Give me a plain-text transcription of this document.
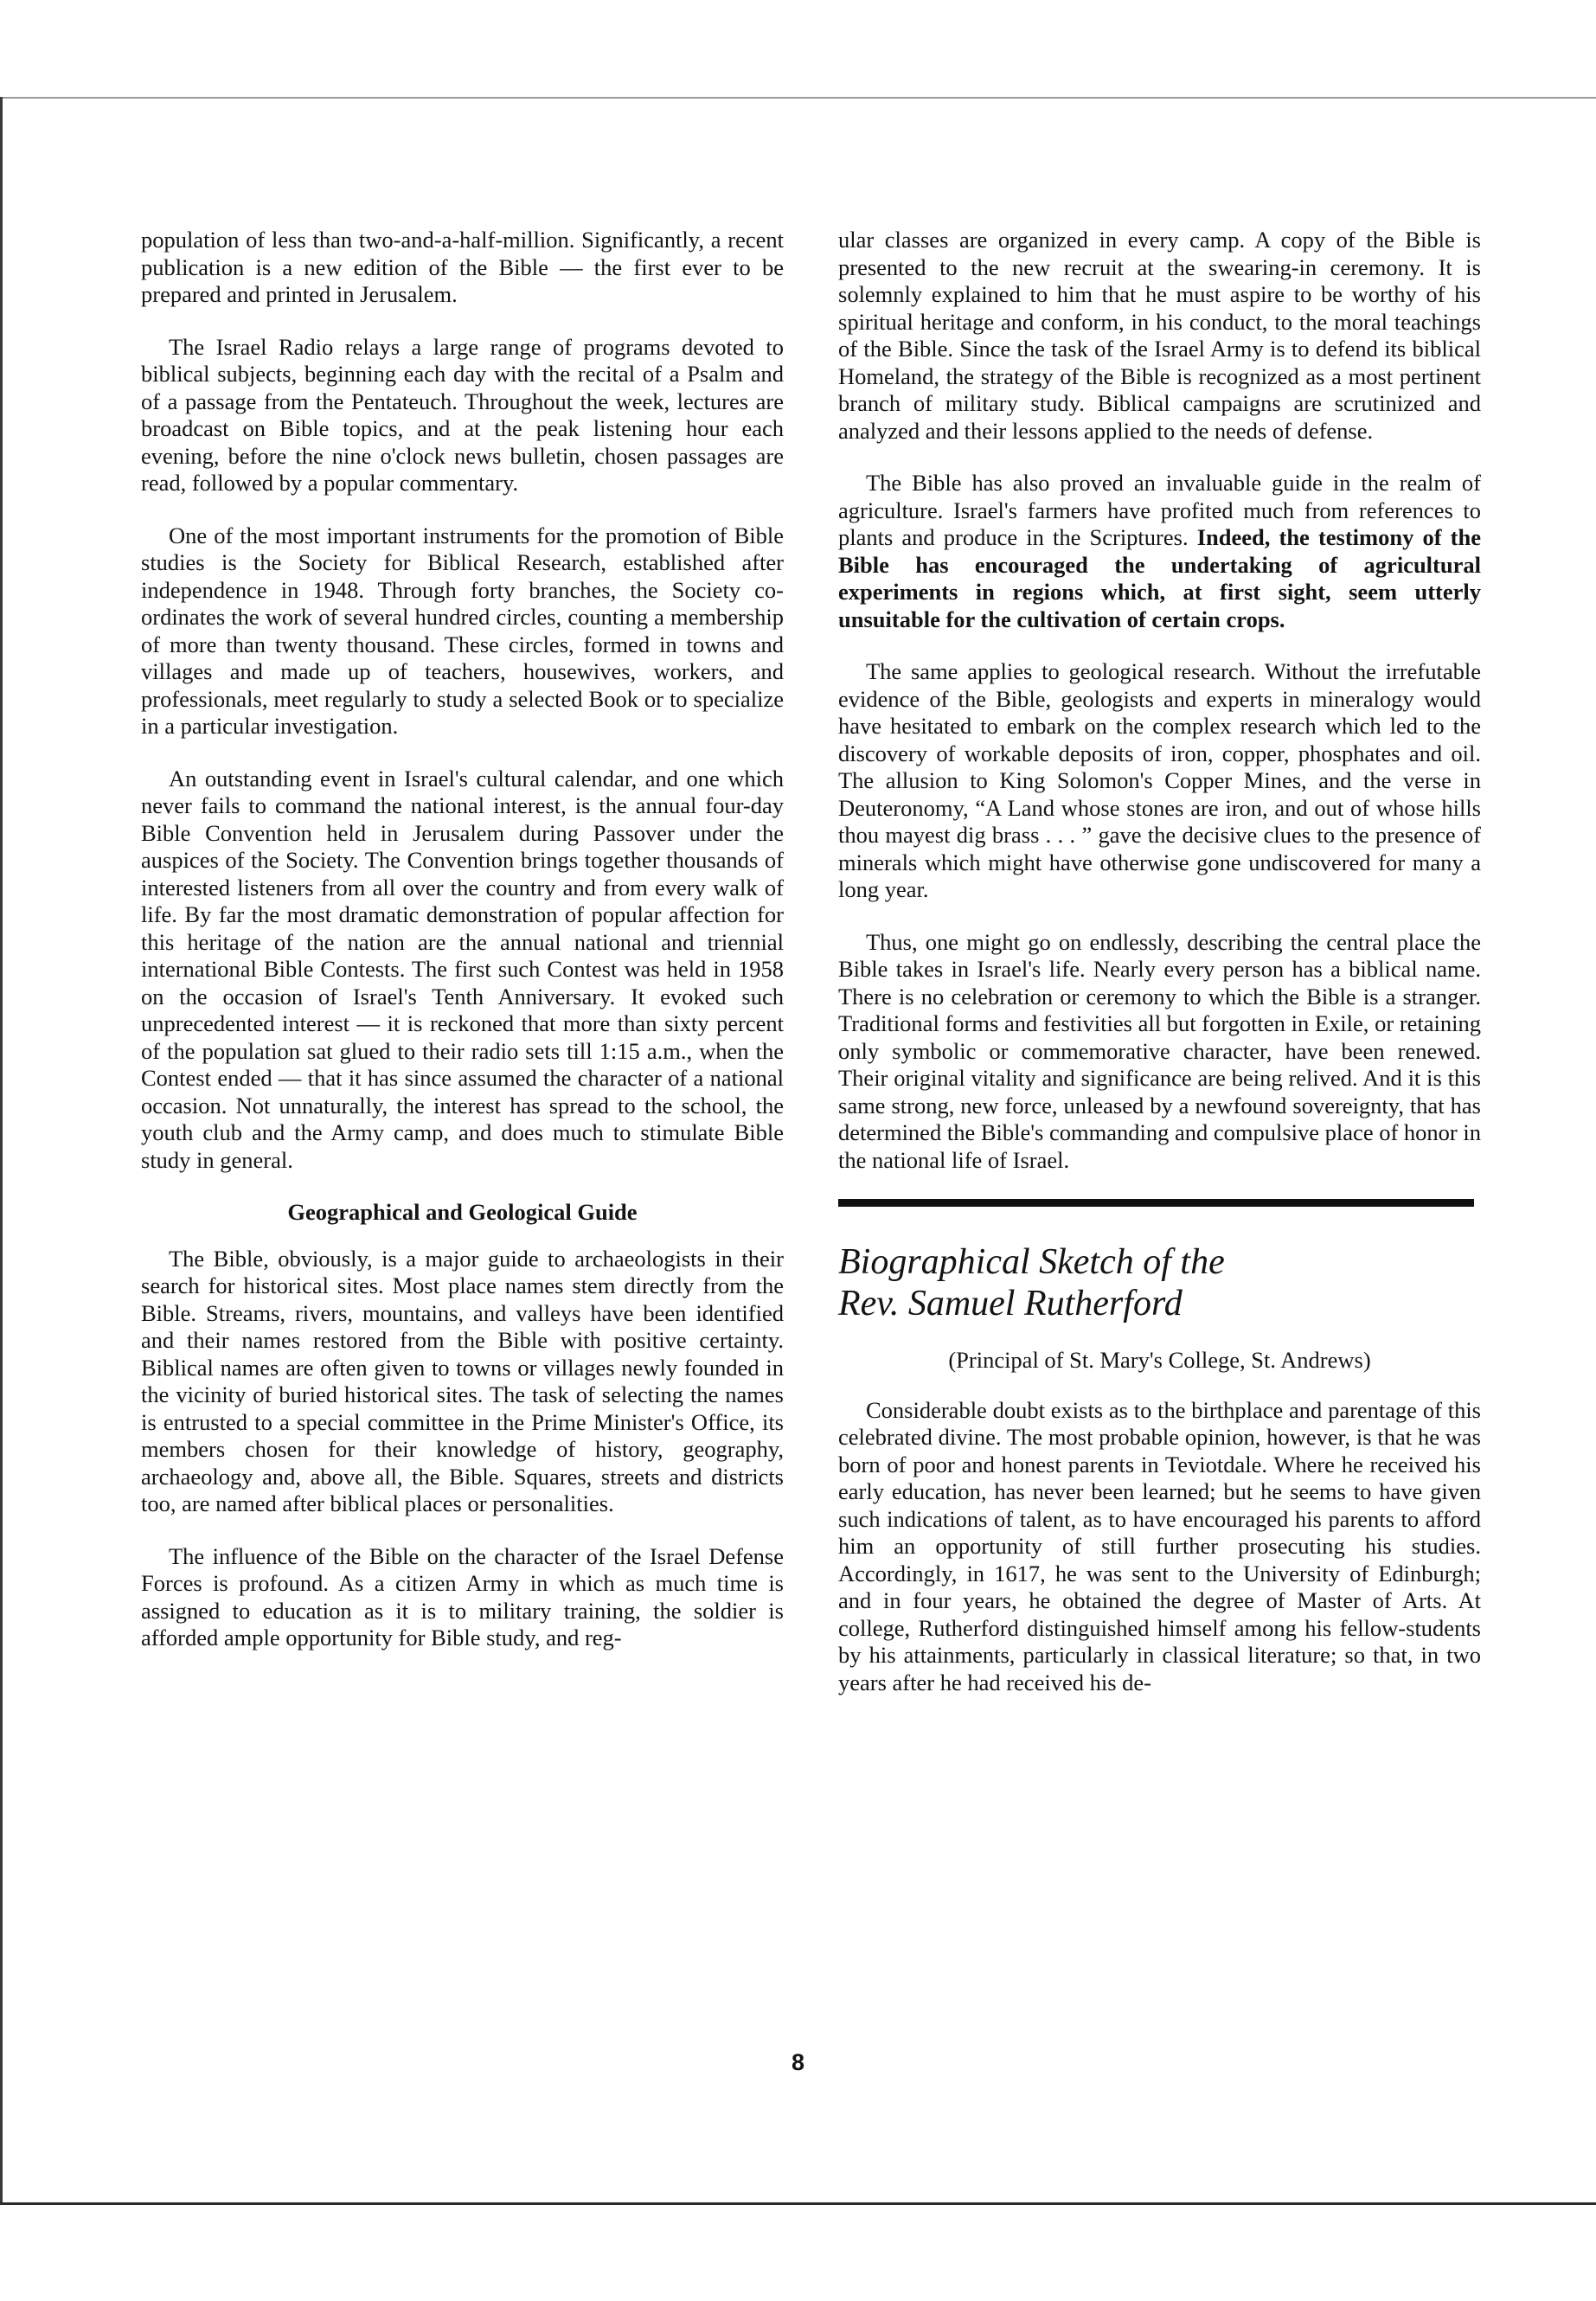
population of less than two-and-a-half-million. Significantly, a recent publication is a new edition of the Bible — the first ever to be prepared and printed in Jerusalem.

The Israel Radio relays a large range of programs devoted to biblical subjects, beginning each day with the recital of a Psalm and of a passage from the Pentateuch. Throughout the week, lectures are broadcast on Bible topics, and at the peak listening hour each evening, before the nine o'clock news bulletin, chosen passages are read, followed by a popular commentary.

One of the most important instruments for the promotion of Bible studies is the Society for Biblical Research, established after independence in 1948. Through forty branches, the Society co-ordinates the work of several hundred circles, counting a membership of more than twenty thousand. These circles, formed in towns and villages and made up of teachers, housewives, workers, and professionals, meet regularly to study a selected Book or to specialize in a particular investigation.

An outstanding event in Israel's cultural calendar, and one which never fails to command the national interest, is the annual four-day Bible Convention held in Jerusalem during Passover under the auspices of the Society. The Convention brings together thousands of interested listeners from all over the country and from every walk of life. By far the most dramatic demonstration of popular affection for this heritage of the nation are the annual national and triennial international Bible Contests. The first such Contest was held in 1958 on the occasion of Israel's Tenth Anniversary. It evoked such unprecedented interest — it is reckoned that more than sixty percent of the population sat glued to their radio sets till 1:15 a.m., when the Contest ended — that it has since assumed the character of a national occasion. Not unnaturally, the interest has spread to the school, the youth club and the Army camp, and does much to stimulate Bible study in general.

Geographical and Geological Guide

The Bible, obviously, is a major guide to archaeologists in their search for historical sites. Most place names stem directly from the Bible. Streams, rivers, mountains, and valleys have been identified and their names restored from the Bible with positive certainty. Biblical names are often given to towns or villages newly founded in the vicinity of buried historical sites. The task of selecting the names is entrusted to a special committee in the Prime Minister's Office, its members chosen for their knowledge of history, geography, archaeology and, above all, the Bible. Squares, streets and districts too, are named after biblical places or personalities.

The influence of the Bible on the character of the Israel Defense Forces is profound. As a citizen Army in which as much time is assigned to education as it is to military training, the soldier is afforded ample opportunity for Bible study, and reg-

ular classes are organized in every camp. A copy of the Bible is presented to the new recruit at the swearing-in ceremony. It is solemnly explained to him that he must aspire to be worthy of his spiritual heritage and conform, in his conduct, to the moral teachings of the Bible. Since the task of the Israel Army is to defend its biblical Homeland, the strategy of the Bible is recognized as a most pertinent branch of military study. Biblical campaigns are scrutinized and analyzed and their lessons applied to the needs of defense.

The Bible has also proved an invaluable guide in the realm of agriculture. Israel's farmers have profited much from references to plants and produce in the Scriptures. Indeed, the testimony of the Bible has encouraged the undertaking of agricultural experiments in regions which, at first sight, seem utterly unsuitable for the cultivation of certain crops.

The same applies to geological research. Without the irrefutable evidence of the Bible, geologists and experts in mineralogy would have hesitated to embark on the complex research which led to the discovery of workable deposits of iron, copper, phosphates and oil. The allusion to King Solomon's Copper Mines, and the verse in Deuteronomy, “A Land whose stones are iron, and out of whose hills thou mayest dig brass . . . ” gave the decisive clues to the presence of minerals which might have otherwise gone undiscovered for many a long year.

Thus, one might go on endlessly, describing the central place the Bible takes in Israel's life. Nearly every person has a biblical name. There is no celebration or ceremony to which the Bible is a stranger. Traditional forms and festivities all but forgotten in Exile, or retaining only symbolic or commemorative character, have been renewed. Their original vitality and significance are being relived. And it is this same strong, new force, unleased by a newfound sovereignty, that has determined the Bible's commanding and compulsive place of honor in the national life of Israel.

Biographical Sketch of the
Rev. Samuel Rutherford

(Principal of St. Mary's College, St. Andrews)

Considerable doubt exists as to the birthplace and parentage of this celebrated divine. The most probable opinion, however, is that he was born of poor and honest parents in Teviotdale. Where he received his early education, has never been learned; but he seems to have given such indications of talent, as to have encouraged his parents to afford him an opportunity of still further prosecuting his studies. Accordingly, in 1617, he was sent to the University of Edinburgh; and in four years, he obtained the degree of Master of Arts. At college, Rutherford distinguished himself among his fellow-students by his attainments, particularly in classical literature; so that, in two years after he had received his de-

8
